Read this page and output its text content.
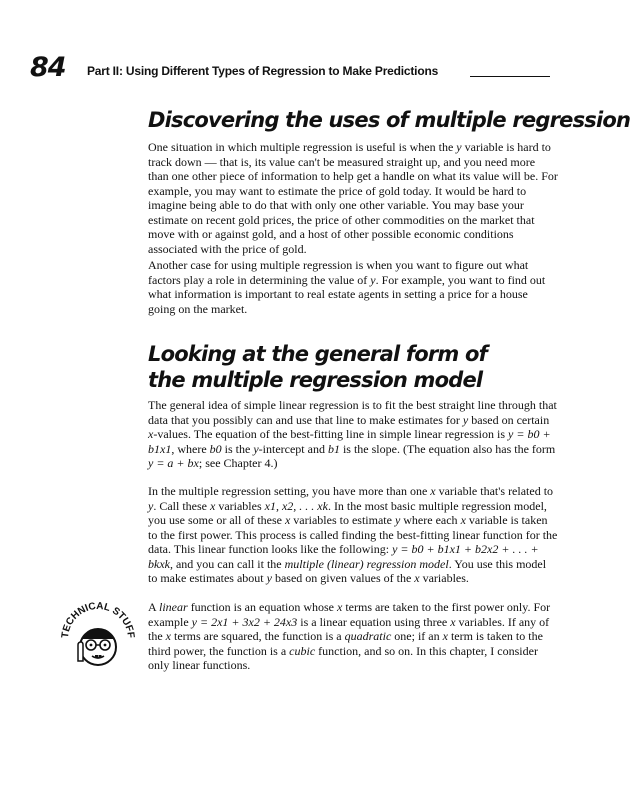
84 Part II: Using Different Types of Regression to Make Predictions
Discovering the uses of multiple regression

One situation in which multiple regression is useful is when the y variable is hard to track down — that is, its value can't be measured straight up, and you need more than one other piece of information to help get a handle on what its value will be. For example, you may want to estimate the price of gold today. It would be hard to imagine being able to do that with only one other variable. You may base your estimate on recent gold prices, the price of other commodities on the market that move with or against gold, and a host of other possible economic conditions associated with the price of gold.

Another case for using multiple regression is when you want to figure out what factors play a role in determining the value of y. For example, you want to find out what information is important to real estate agents in setting a price for a house going on the market.

Looking at the general form of
the multiple regression model

The general idea of simple linear regression is to fit the best straight line through that data that you possibly can and use that line to make estimates for y based on certain x-values. The equation of the best-fitting line in simple linear regression is y = b0 + b1x1, where b0 is the y-intercept and b1 is the slope. (The equation also has the form y = a + bx; see Chapter 4.)

In the multiple regression setting, you have more than one x variable that's related to y. Call these x variables x1, x2, . . . xk. In the most basic multiple regression model, you use some or all of these x variables to estimate y where each x variable is taken to the first power. This process is called finding the best-fitting linear function for the data. This linear function looks like the following: y = b0 + b1x1 + b2x2 + . . . + bkxk, and you can call it the multiple (linear) regression model. You use this model to make estimates about y based on given values of the x variables.

TECHNICAL STUFF

A linear function is an equation whose x terms are taken to the first power only. For example y = 2x1 + 3x2 + 24x3 is a linear equation using three x variables. If any of the x terms are squared, the function is a quadratic one; if an x term is taken to the third power, the function is a cubic function, and so on. In this chapter, I consider only linear functions.
